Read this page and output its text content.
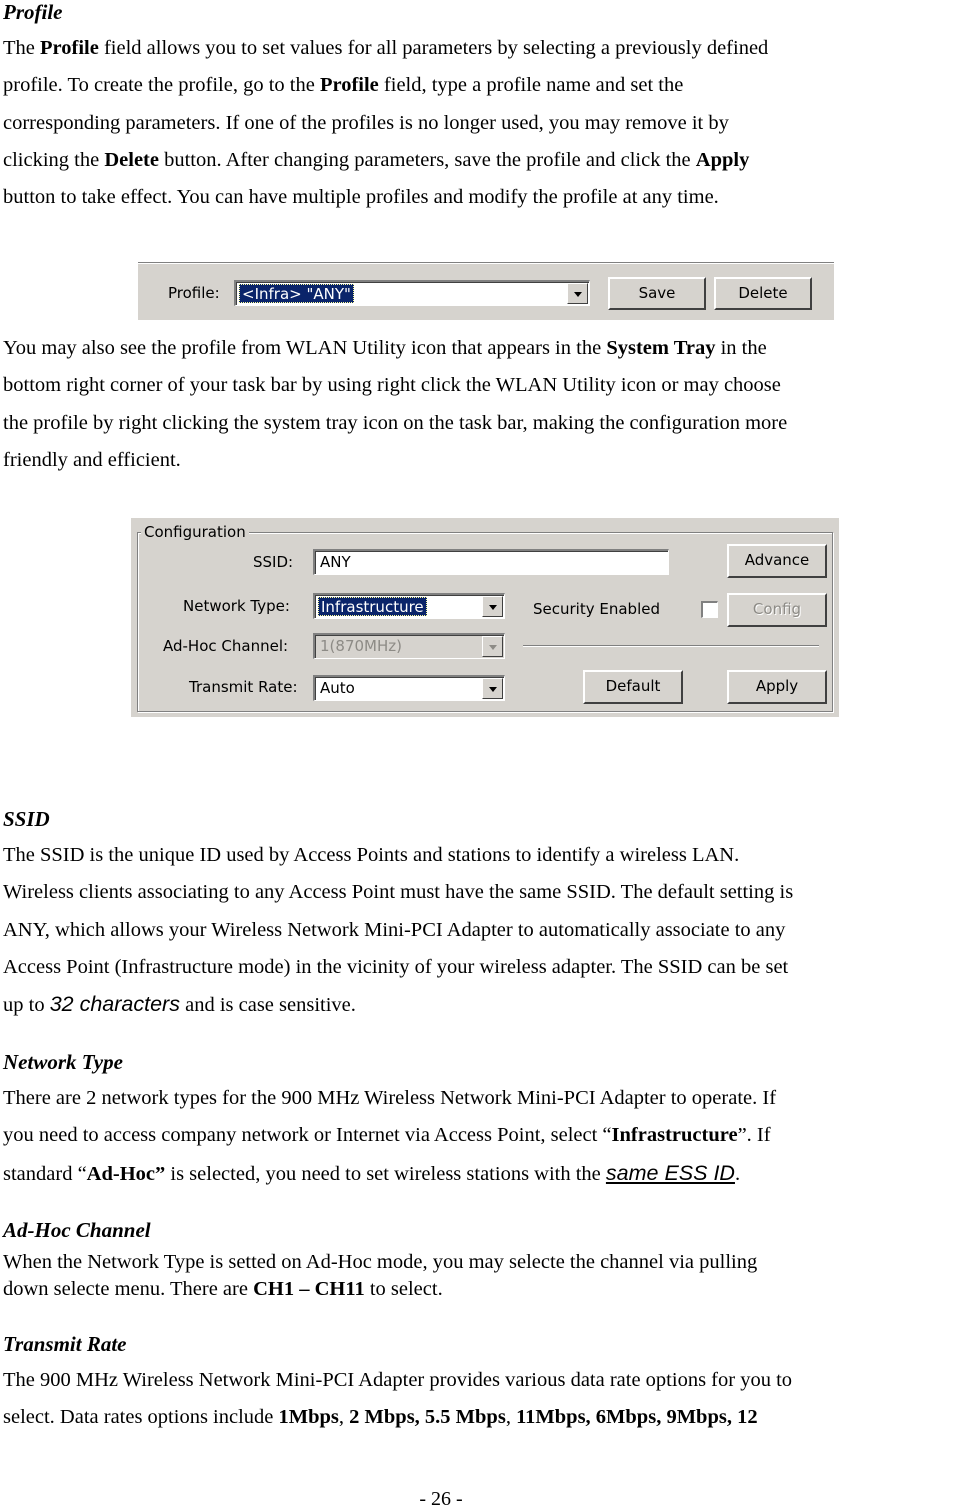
Profile
The Profile field allows you to set values for all parameters by selecting a previously defined
profile. To create the profile, go to the Profile field, type a profile name and set the
corresponding parameters. If one of the profiles is no longer used, you may remove it by
clicking the Delete button. After changing parameters, save the profile and click the Apply
button to take effect. You can have multiple profiles and modify the profile at any time.
Profile: <Infra> "ANY"	Save	Delete
You may also see the profile from WLAN Utility icon that appears in the System Tray in the
bottom right corner of your task bar by using right click the WLAN Utility icon or may choose
the profile by right clicking the system tray icon on the task bar, making the configuration more
friendly and efficient.
Configuration
SSID: ANY	Advance
Network Type: Infrastructure	Security Enabled	Config
Ad-Hoc Channel: 1(870MHz)
Transmit Rate: Auto	Default	Apply
SSID
The SSID is the unique ID used by Access Points and stations to identify a wireless LAN.
Wireless clients associating to any Access Point must have the same SSID. The default setting is
ANY, which allows your Wireless Network Mini-PCI Adapter to automatically associate to any
Access Point (Infrastructure mode) in the vicinity of your wireless adapter. The SSID can be set
up to 32 characters and is case sensitive.
Network Type
There are 2 network types for the 900 MHz Wireless Network Mini-PCI Adapter to operate. If
you need to access company network or Internet via Access Point, select “Infrastructure”. If
standard “Ad-Hoc” is selected, you need to set wireless stations with the same ESS ID.
Ad-Hoc Channel
When the Network Type is setted on Ad-Hoc mode, you may selecte the channel via pulling
down selecte menu. There are CH1 – CH11 to select.
Transmit Rate
The 900 MHz Wireless Network Mini-PCI Adapter provides various data rate options for you to
select. Data rates options include 1Mbps, 2 Mbps, 5.5 Mbps, 11Mbps, 6Mbps, 9Mbps, 12
- 26 -
